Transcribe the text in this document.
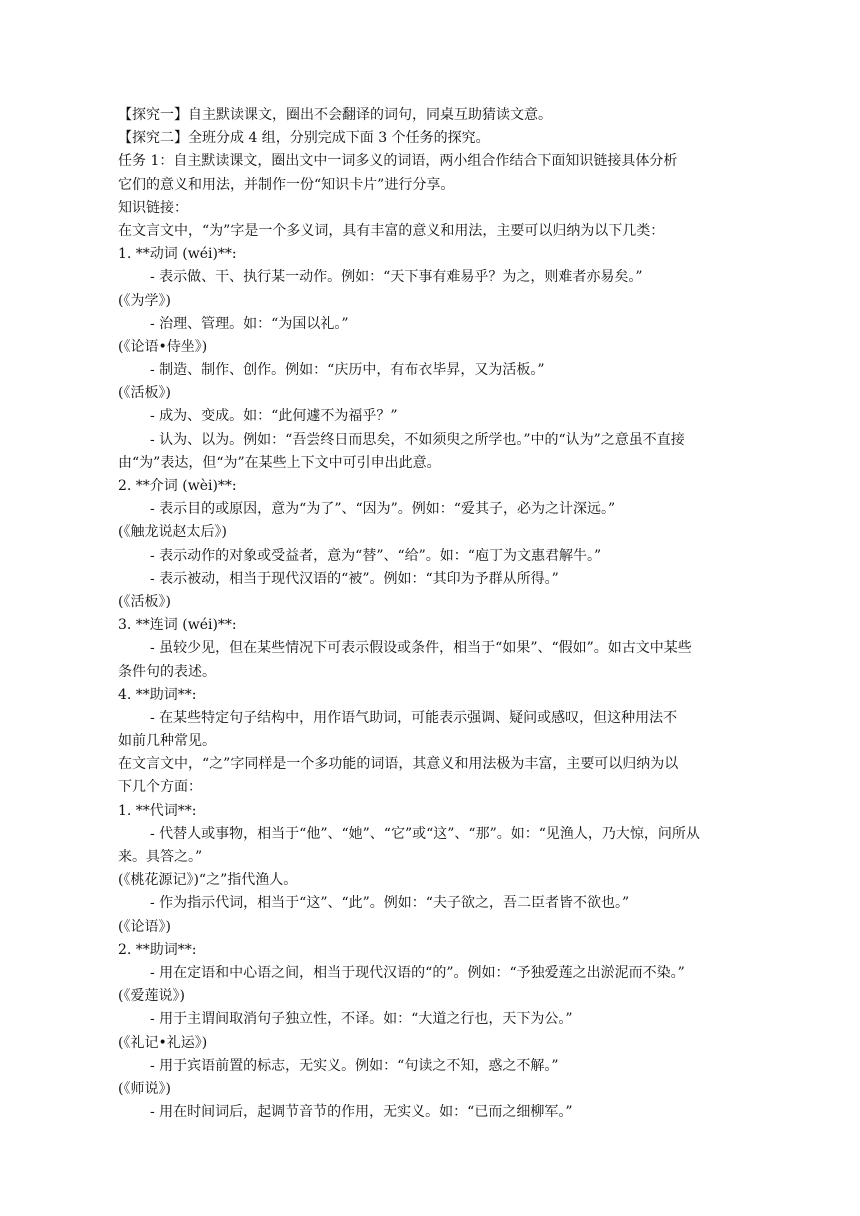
【探究一】自主默读课文，圈出不会翻译的词句，同桌互助猜读文意。
【探究二】全班分成 4 组，分别完成下面 3 个任务的探究。
任务 1：自主默读课文，圈出文中一词多义的词语，两小组合作结合下面知识链接具体分析
它们的意义和用法，并制作一份“知识卡片”进行分享。
知识链接：
在文言文中，“为”字是一个多义词，具有丰富的意义和用法，主要可以归纳为以下几类：
1. **动词 (wéi)**:
- 表示做、干、执行某一动作。例如：“天下事有难易乎？为之，则难者亦易矣。”
(《为学》)
- 治理、管理。如：“为国以礼。”
(《论语•侍坐》)
- 制造、制作、创作。例如：“庆历中，有布衣毕昇，又为活板。”
(《活板》)
- 成为、变成。如：“此何遽不为福乎？”
- 认为、以为。例如：“吾尝终日而思矣，不如须臾之所学也。”中的“认为”之意虽不直接
由“为”表达，但“为”在某些上下文中可引申出此意。
2. **介词 (wèi)**:
- 表示目的或原因，意为“为了”、“因为”。例如：“爱其子，必为之计深远。”
(《触龙说赵太后》)
- 表示动作的对象或受益者，意为“替”、“给”。如：“庖丁为文惠君解牛。”
- 表示被动，相当于现代汉语的“被”。例如：“其印为予群从所得。”
(《活板》)
3. **连词 (wéi)**:
- 虽较少见，但在某些情况下可表示假设或条件，相当于“如果”、“假如”。如古文中某些
条件句的表述。
4. **助词**:
- 在某些特定句子结构中，用作语气助词，可能表示强调、疑问或感叹，但这种用法不
如前几种常见。
在文言文中，“之”字同样是一个多功能的词语，其意义和用法极为丰富，主要可以归纳为以
下几个方面：
1. **代词**:
- 代替人或事物，相当于“他”、“她”、“它”或“这”、“那”。如：“见渔人，乃大惊，问所从
来。具答之。”
(《桃花源记》)“之”指代渔人。
- 作为指示代词，相当于“这”、“此”。例如：“夫子欲之，吾二臣者皆不欲也。”
(《论语》)
2. **助词**:
- 用在定语和中心语之间，相当于现代汉语的“的”。例如：“予独爱莲之出淤泥而不染。”
(《爱莲说》)
- 用于主谓间取消句子独立性，不译。如：“大道之行也，天下为公。”
(《礼记•礼运》)
- 用于宾语前置的标志，无实义。例如：“句读之不知，惑之不解。”
(《师说》)
- 用在时间词后，起调节音节的作用，无实义。如：“已而之细柳军。”
